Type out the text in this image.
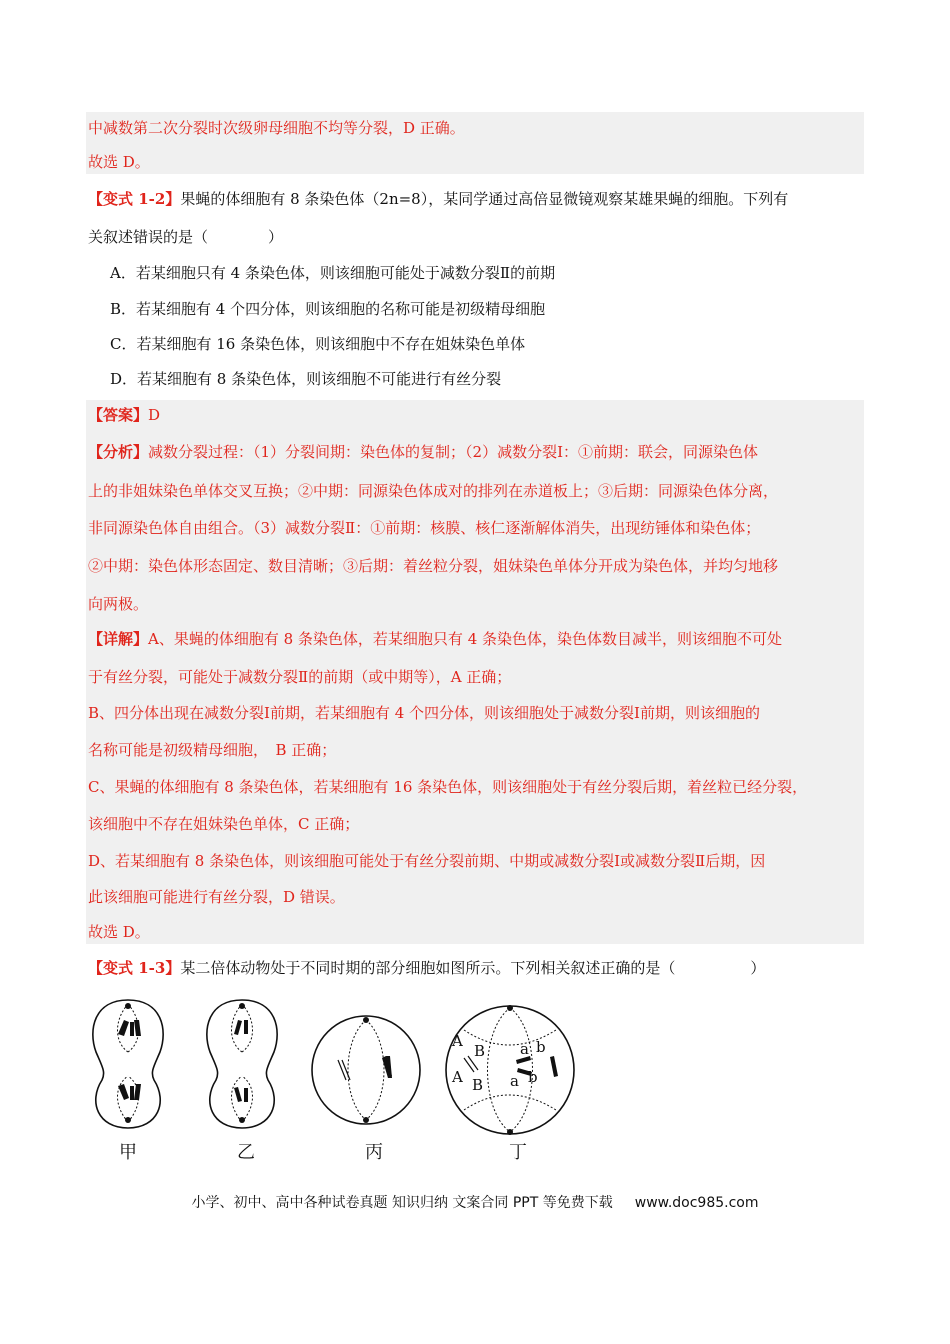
中减数第二次分裂时次级卵母细胞不均等分裂，D 正确。
故选 D。
【变式 1-2】果蝇的体细胞有 8 条染色体（2n=8），某同学通过高倍显微镜观察某雄果蝇的细胞。下列有
关叙述错误的是（　　　　）
A．若某细胞只有 4 条染色体，则该细胞可能处于减数分裂Ⅱ的前期
B．若某细胞有 4 个四分体，则该细胞的名称可能是初级精母细胞
C．若某细胞有 16 条染色体，则该细胞中不存在姐妹染色单体
D．若某细胞有 8 条染色体，则该细胞不可能进行有丝分裂
【答案】D
【分析】减数分裂过程：（1）分裂间期：染色体的复制；（2）减数分裂Ⅰ：①前期：联会，同源染色体
上的非姐妹染色单体交叉互换；②中期：同源染色体成对的排列在赤道板上；③后期：同源染色体分离，
非同源染色体自由组合。（3）减数分裂Ⅱ：①前期：核膜、核仁逐渐解体消失，出现纺锤体和染色体；
②中期：染色体形态固定、数目清晰；③后期：着丝粒分裂，姐妹染色单体分开成为染色体，并均匀地移
向两极。
【详解】A、果蝇的体细胞有 8 条染色体，若某细胞只有 4 条染色体，染色体数目减半，则该细胞不可处
于有丝分裂，可能处于减数分裂Ⅱ的前期（或中期等），A 正确；
B、四分体出现在减数分裂Ⅰ前期，若某细胞有 4 个四分体，则该细胞处于减数分裂Ⅰ前期，则该细胞的
名称可能是初级精母细胞，　B 正确；
C、果蝇的体细胞有 8 条染色体，若某细胞有 16 条染色体，则该细胞处于有丝分裂后期，着丝粒已经分裂，
该细胞中不存在姐妹染色单体，C 正确；
D、若某细胞有 8 条染色体，则该细胞可能处于有丝分裂前期、中期或减数分裂Ⅰ或减数分裂Ⅱ后期，因
此该细胞可能进行有丝分裂，D 错误。
故选 D。
【变式 1-3】某二倍体动物处于不同时期的部分细胞如图所示。下列相关叙述正确的是（　　　　　）
A
B
A B
a b
a b
甲	乙	丙	丁
小学、初中、高中各种试卷真题 知识归纳 文案合同 PPT 等免费下载 www.doc985.com
